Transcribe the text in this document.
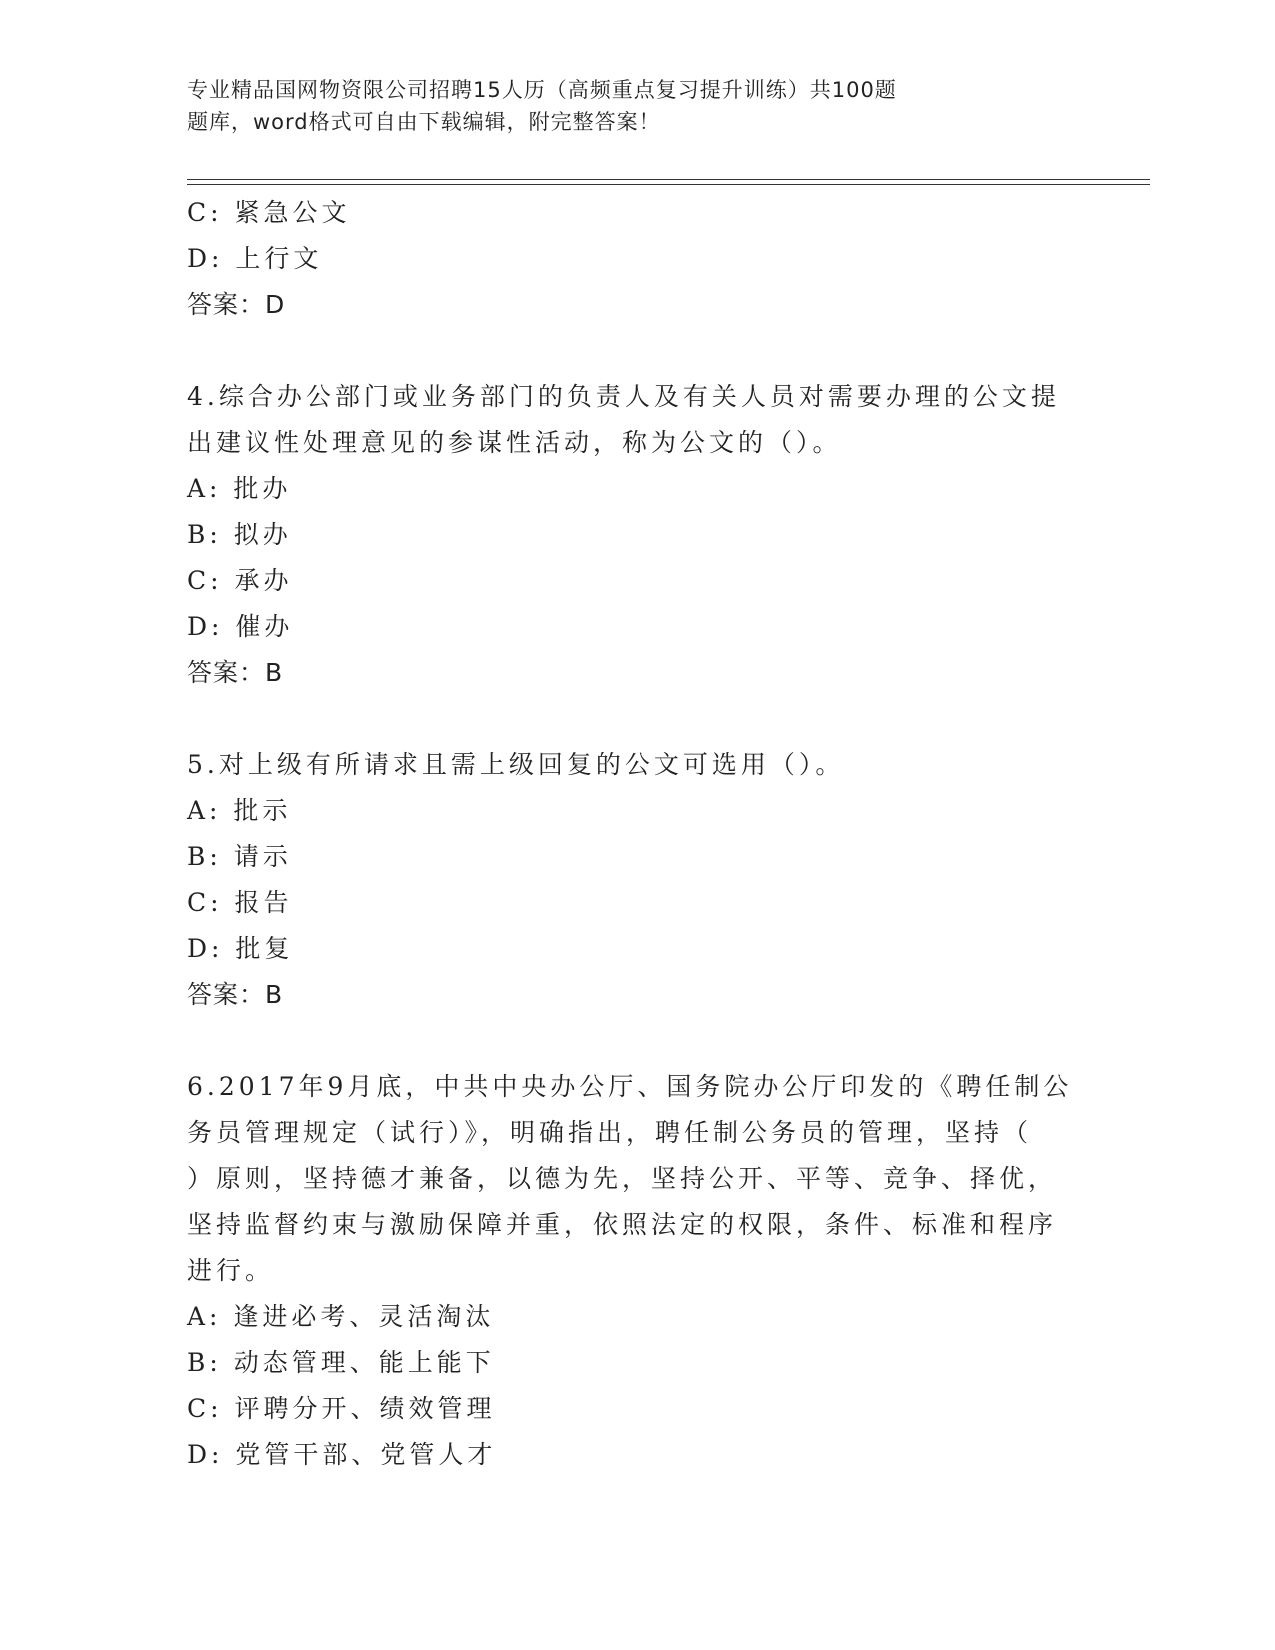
专业精品国网物资限公司招聘15人历（高频重点复习提升训练）共100题
题库，word格式可自由下载编辑，附完整答案！
C: 紧急公文
D: 上行文
答案：D
4.综合办公部门或业务部门的负责人及有关人员对需要办理的公文提
出建议性处理意见的参谋性活动，称为公文的（）。
A: 批办
B: 拟办
C: 承办
D: 催办
答案：B
5.对上级有所请求且需上级回复的公文可选用（）。
A: 批示
B: 请示
C: 报告
D: 批复
答案：B
6.2017年9月底，中共中央办公厅、国务院办公厅印发的《聘任制公
务员管理规定（试行）》，明确指出，聘任制公务员的管理，坚持（
）原则，坚持德才兼备，以德为先，坚持公开、平等、竞争、择优，
坚持监督约束与激励保障并重，依照法定的权限，条件、标准和程序
进行。
A: 逢进必考、灵活淘汰
B: 动态管理、能上能下
C: 评聘分开、绩效管理
D: 党管干部、党管人才
